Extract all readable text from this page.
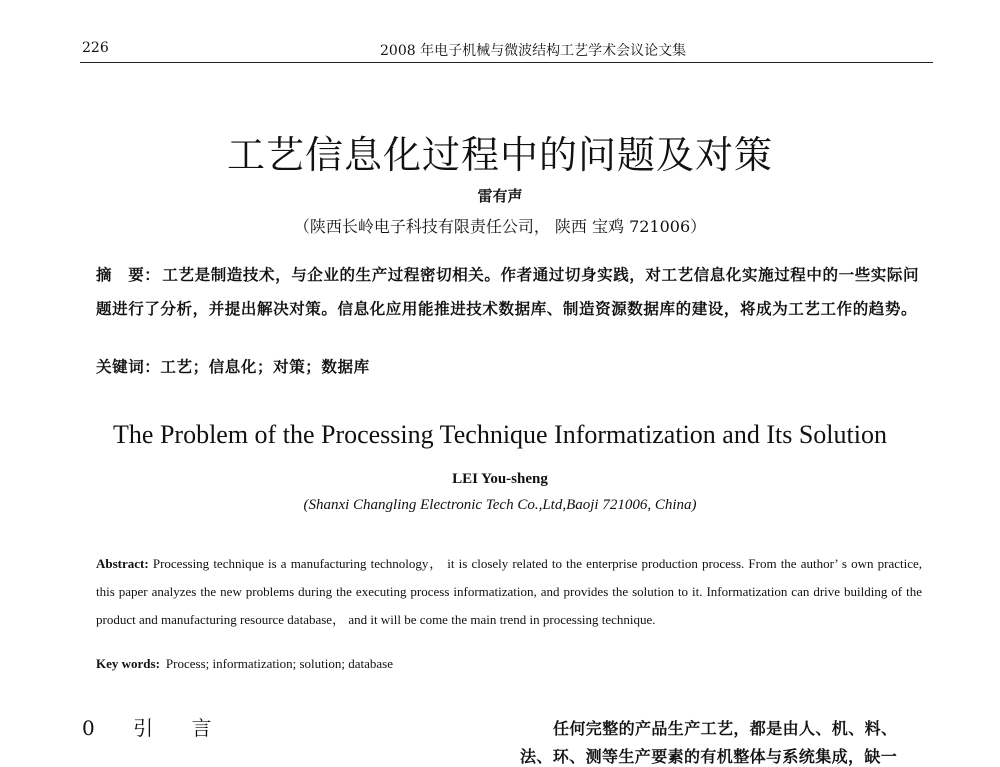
226	2008 年电子机械与微波结构工艺学术会议论文集
工艺信息化过程中的问题及对策
雷有声
（陕西长岭电子科技有限责任公司， 陕西 宝鸡 721006）
摘　要： 工艺是制造技术，与企业的生产过程密切相关。作者通过切身实践，对工艺信息化实施过程中的一些实际问题进行了分析，并提出解决对策。信息化应用能推进技术数据库、制造资源数据库的建设，将成为工艺工作的趋势。
关键词：工艺；信息化；对策；数据库
The Problem of the Processing Technique Informatization and Its Solution
LEI You-sheng
(Shanxi Changling Electronic Tech Co.,Ltd,Baoji 721006, China)
Abstract: Processing technique is a manufacturing technology， it is closely related to the enterprise production process. From the author’ s own practice, this paper analyzes the new problems during the executing process informatization, and provides the solution to it. Informatization can drive building of the product and manufacturing resource database， and it will be come the main trend in processing technique.
Key words: Process; informatization; solution; database
0 引 言	任何完整的产品生产工艺，都是由人、机、料、
法、环、测等生产要素的有机整体与系统集成，缺一
